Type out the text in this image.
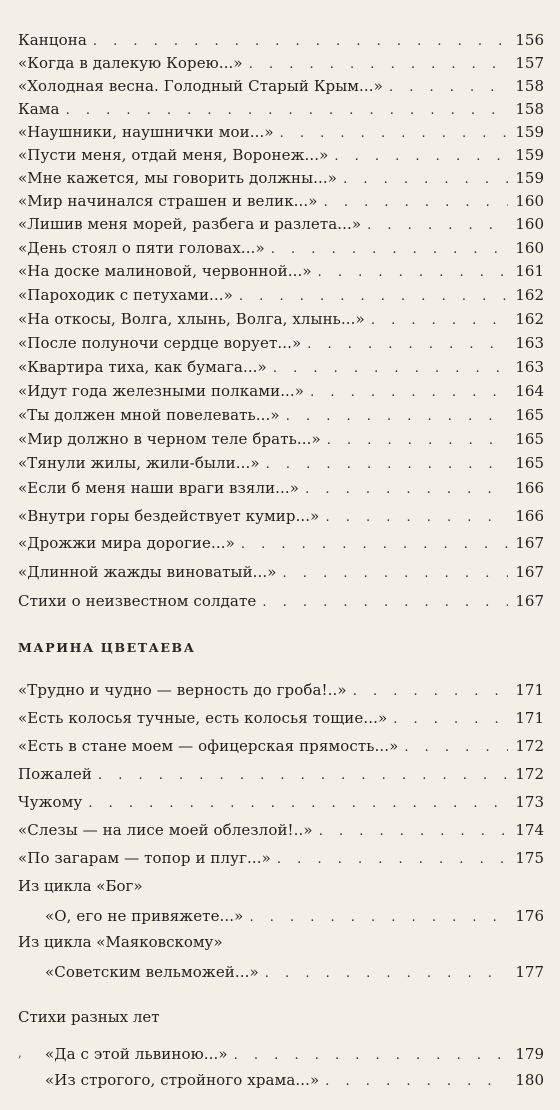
Канцона . . .	156
«Когда в далекую Корею...» . . .	157
«Холодная весна. Голодный Старый Крым...» . . .	158
Кама . . .	158
«Наушники, наушнички мои...» . . .	159
«Пусти меня, отдай меня, Воронеж...» . . .	159
«Мне кажется, мы говорить должны...» . . .	159
«Мир начинался страшен и велик...» . . .	160
«Лишив меня морей, разбега и разлета...» . . .	160
«День стоял о пяти головах...» . . .	160
«На доске малиновой, червонной...» . . .	161
«Пароходик с петухами...» . . .	162
«На откосы, Волга, хлынь, Волга, хлынь...» . . .	162
«После полуночи сердце ворует...» . . .	163
«Квартира тиха, как бумага...» . . .	163
«Идут года железными полками...» . . .	164
«Ты должен мной повелевать...» . . .	165
«Мир должно в черном теле брать...» . . .	165
«Тянули жилы, жили-были...» . . .	165
«Если б меня наши враги взяли...» . . .	166
«Внутри горы бездействует кумир...» . . .	166
«Дрожжи мира дорогие...» . . .	167
«Длинной жажды виноватый...» . . .	167
Стихи о неизвестном солдате . . .	167
МАРИНА ЦВЕТАЕВА
«Трудно и чудно — верность до гроба!..» . . .	171
«Есть колосья тучные, есть колосья тощие...» . . .	171
«Есть в стане моем — офицерская прямость...» . . .	172
Пожалей . . .	172
Чужому . . .	173
«Слезы — на лисе моей облезлой!..» . . .	174
«По загарам — топор и плуг...» . . .	175
Из цикла «Бог»
«О, его не привяжете...» . . .	176
Из цикла «Маяковскому»
«Советским вельможей...» . . .	177
Стихи разных лет
«Да с этой львиною...» . . .	179
«Из строгого, стройного храма...» . . .	180
,
